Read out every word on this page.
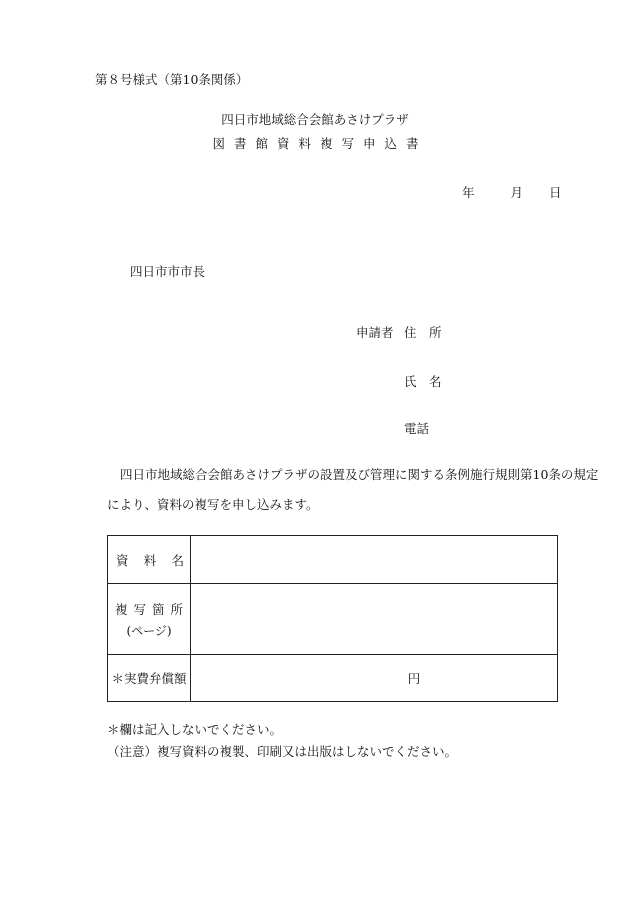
第８号様式（第10条関係）
四日市地域総合会館あさけプラザ
図書館資料複写申込書
年	月 日
四日市市市長
申請者 住　所
氏　名
電話
四日市地域総合会館あさけプラザの設置及び管理に関する条例施行規則第10条の規定
により、資料の複写を申し込みます。
資料名	

複写箇所
(ページ)	

＊実費弁償額	円
＊欄は記入しないでください。
（注意）複写資料の複製、印刷又は出版はしないでください。
